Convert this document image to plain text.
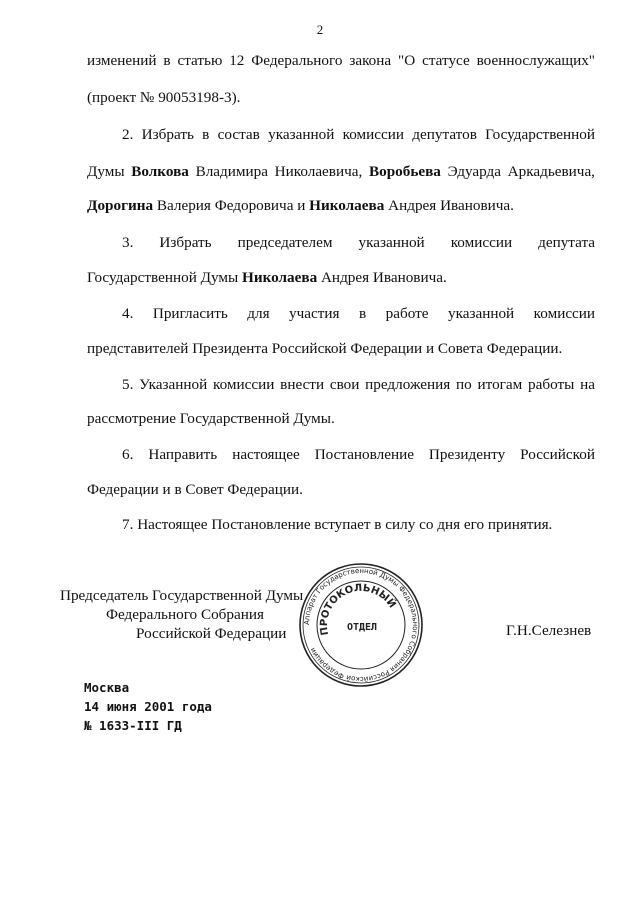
2
изменений в статью 12 Федерального закона "О статусе военнослужащих"
(проект № 90053198-3).
2. Избрать в состав указанной комиссии депутатов Государственной
Думы Волкова Владимира Николаевича, Воробьева Эдуарда Аркадьевича,
Дорогина Валерия Федоровича и Николаева Андрея Ивановича.
3. Избрать председателем указанной комиссии депутата
Государственной Думы Николаева Андрея Ивановича.
4. Пригласить для участия в работе указанной комиссии
представителей Президента Российской Федерации и Совета Федерации.
5. Указанной комиссии внести свои предложения по итогам работы на
рассмотрение Государственной Думы.
6. Направить настоящее Постановление Президенту Российской
Федерации и в Совет Федерации.
7. Настоящее Постановление вступает в силу со дня его принятия.
Председатель Государственной Думы
Федерального Собрания
Российской Федерации
Аппарат Государственной Думы Федерального Собрания Российской Федерации
ПРОТОКОЛЬНЫЙ
ОТДЕЛ	Г.Н.Селезнев
Москва
14 июня 2001 года
№ 1633-III ГД
